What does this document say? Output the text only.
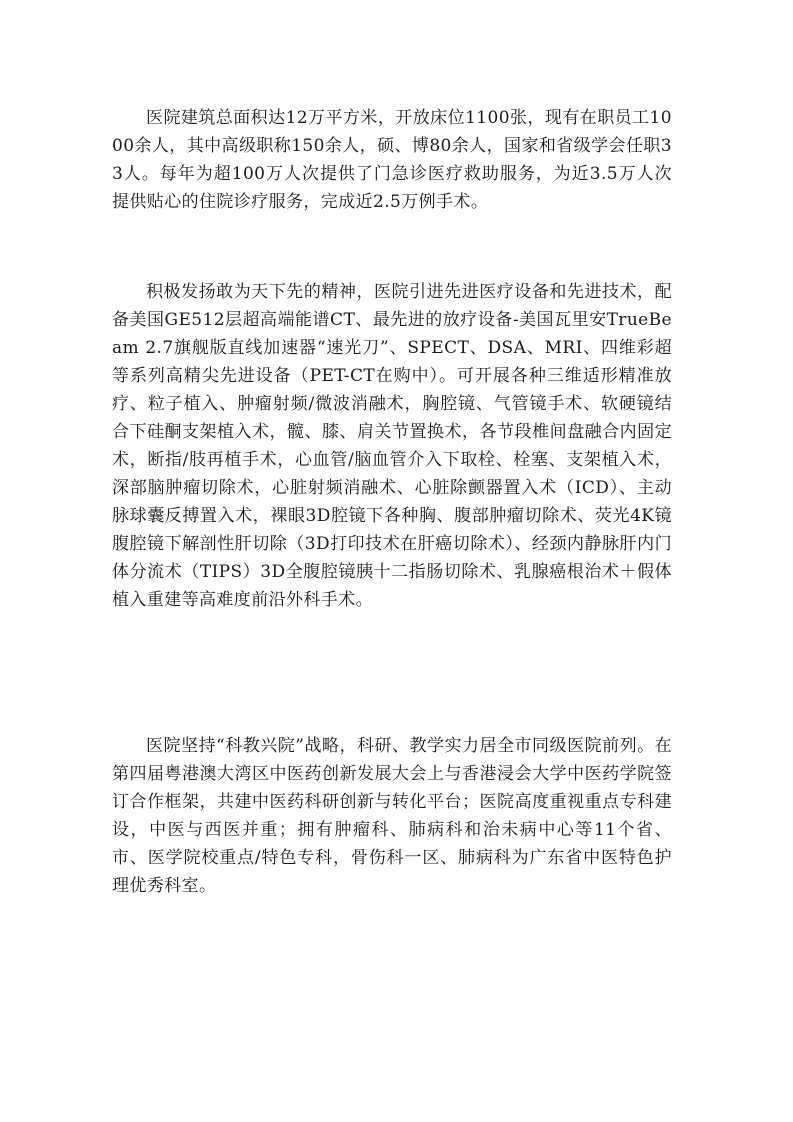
医院建筑总面积达12万平方米，开放床位1100张，现有在职员工1000余人，其中高级职称150余人，硕、博80余人，国家和省级学会任职33人。每年为超100万人次提供了门急诊医疗救助服务，为近3.5万人次提供贴心的住院诊疗服务，完成近2.5万例手术。

积极发扬敢为天下先的精神，医院引进先进医疗设备和先进技术，配备美国GE512层超高端能谱CT、最先进的放疗设备-美国瓦里安TrueBeam 2.7旗舰版直线加速器“速光刀”、SPECT、DSA、MRI、四维彩超等系列高精尖先进设备（PET-CT在购中）。可开展各种三维适形精准放疗、粒子植入、肿瘤射频/微波消融术，胸腔镜、气管镜手术、软硬镜结合下硅酮支架植入术，髋、膝、肩关节置换术，各节段椎间盘融合内固定术，断指/肢再植手术，心血管/脑血管介入下取栓、栓塞、支架植入术，深部脑肿瘤切除术，心脏射频消融术、心脏除颤器置入术（ICD）、主动脉球囊反搏置入术，裸眼3D腔镜下各种胸、腹部肿瘤切除术、荧光4K镜腹腔镜下解剖性肝切除（3D打印技术在肝癌切除术）、经颈内静脉肝内门体分流术（TIPS）3D全腹腔镜胰十二指肠切除术、乳腺癌根治术＋假体植入重建等高难度前沿外科手术。

医院坚持“科教兴院”战略，科研、教学实力居全市同级医院前列。在第四届粤港澳大湾区中医药创新发展大会上与香港浸会大学中医药学院签订合作框架，共建中医药科研创新与转化平台；医院高度重视重点专科建设，中医与西医并重；拥有肿瘤科、肺病科和治未病中心等11个省、市、医学院校重点/特色专科，骨伤科一区、肺病科为广东省中医特色护理优秀科室。
